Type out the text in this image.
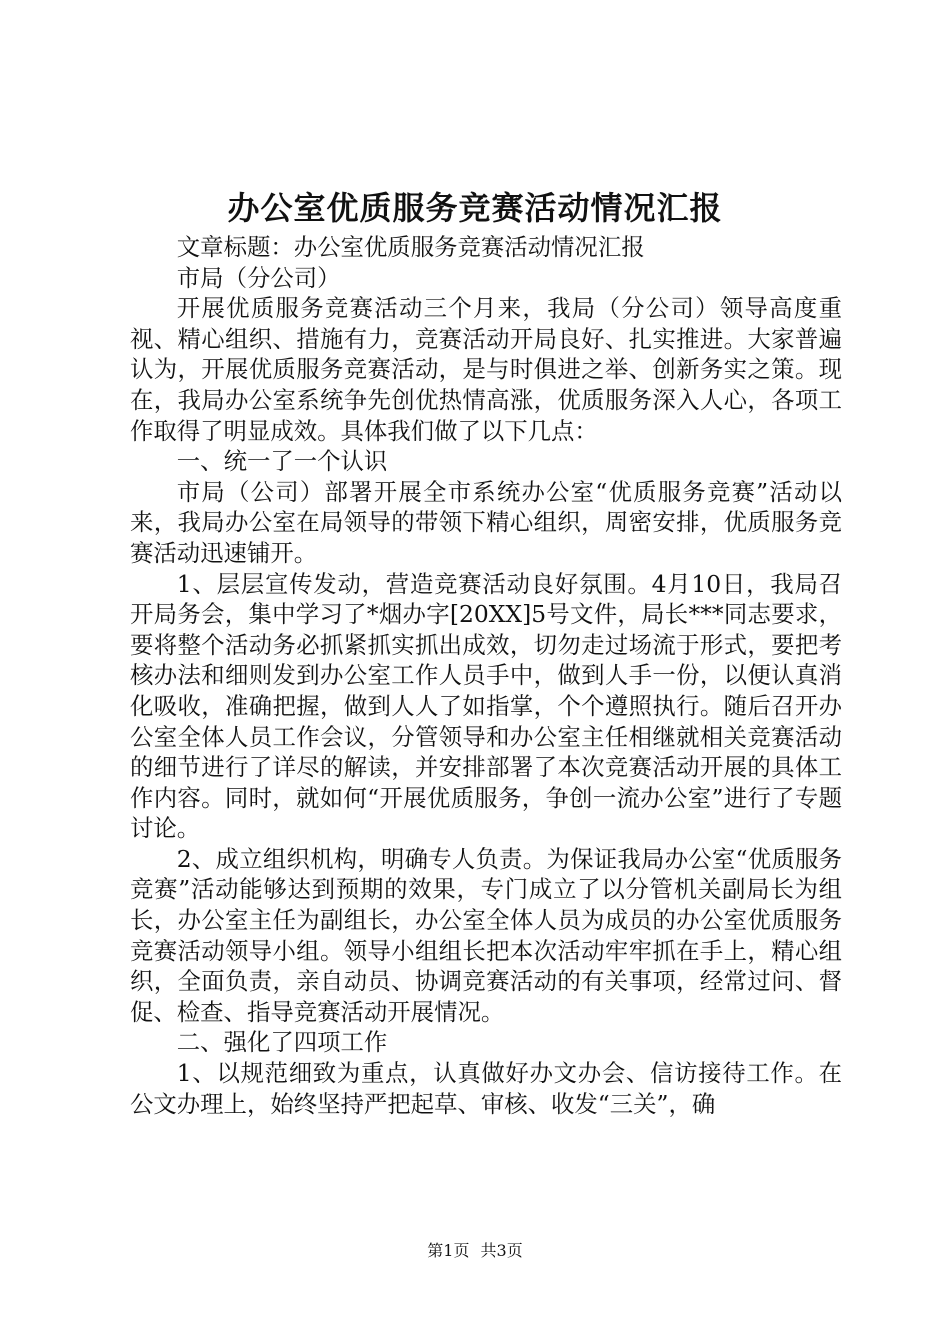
办公室优质服务竞赛活动情况汇报

文章标题：办公室优质服务竞赛活动情况汇报

市局（分公司）

开展优质服务竞赛活动三个月来，我局（分公司）领导高度重视、精心组织、措施有力，竞赛活动开局良好、扎实推进。大家普遍认为，开展优质服务竞赛活动，是与时俱进之举、创新务实之策。现在，我局办公室系统争先创优热情高涨，优质服务深入人心，各项工作取得了明显成效。具体我们做了以下几点：

一、统一了一个认识

市局（公司）部署开展全市系统办公室“优质服务竞赛”活动以来，我局办公室在局领导的带领下精心组织，周密安排，优质服务竞赛活动迅速铺开。

1、层层宣传发动，营造竞赛活动良好氛围。4月10日，我局召开局务会，集中学习了*烟办字[20XX]5号文件，局长***同志要求，要将整个活动务必抓紧抓实抓出成效，切勿走过场流于形式，要把考核办法和细则发到办公室工作人员手中，做到人手一份，以便认真消化吸收，准确把握，做到人人了如指掌，个个遵照执行。随后召开办公室全体人员工作会议，分管领导和办公室主任相继就相关竞赛活动的细节进行了详尽的解读，并安排部署了本次竞赛活动开展的具体工作内容。同时，就如何“开展优质服务，争创一流办公室”进行了专题讨论。

2、成立组织机构，明确专人负责。为保证我局办公室“优质服务竞赛”活动能够达到预期的效果，专门成立了以分管机关副局长为组长，办公室主任为副组长，办公室全体人员为成员的办公室优质服务竞赛活动领导小组。领导小组组长把本次活动牢牢抓在手上，精心组织，全面负责，亲自动员、协调竞赛活动的有关事项，经常过问、督促、检查、指导竞赛活动开展情况。

二、强化了四项工作

1、以规范细致为重点，认真做好办文办会、信访接待工作。在公文办理上，始终坚持严把起草、审核、收发“三关”，确

第1页 共3页
